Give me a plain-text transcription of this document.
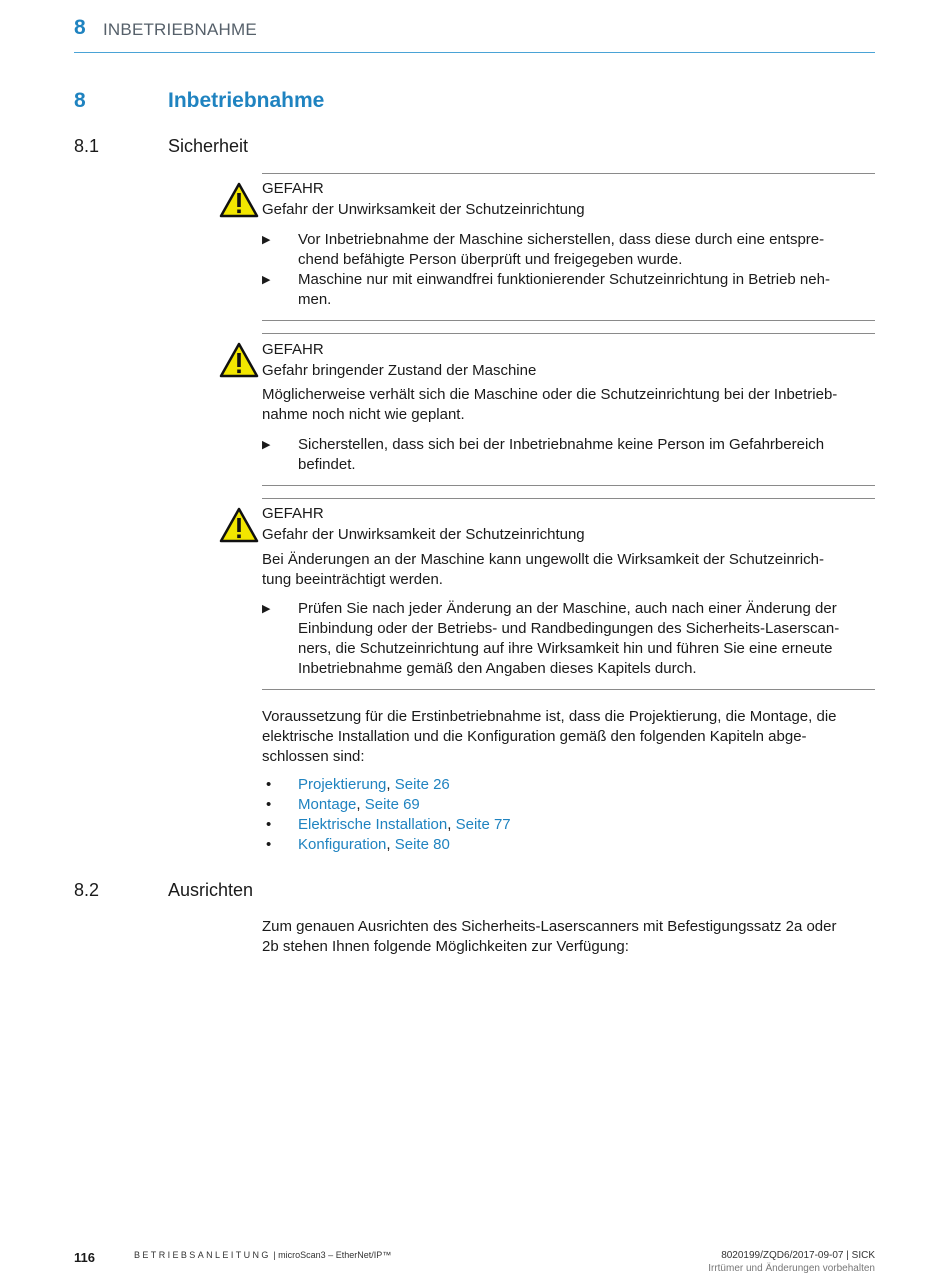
8 INBETRIEBNAHME
8	Inbetriebnahme
8.1	Sicherheit
GEFAHR
Gefahr der Unwirksamkeit der Schutzeinrichtung
▶ Vor Inbetriebnahme der Maschine sicherstellen, dass diese durch eine entspre-
chend befähigte Person überprüft und freigegeben wurde.
▶ Maschine nur mit einwandfrei funktionierender Schutzeinrichtung in Betrieb neh-
men.
GEFAHR
Gefahr bringender Zustand der Maschine
Möglicherweise verhält sich die Maschine oder die Schutzeinrichtung bei der Inbetrieb-
nahme noch nicht wie geplant.
▶ Sicherstellen, dass sich bei der Inbetriebnahme keine Person im Gefahrbereich
befindet.
GEFAHR
Gefahr der Unwirksamkeit der Schutzeinrichtung
Bei Änderungen an der Maschine kann ungewollt die Wirksamkeit der Schutzeinrich-
tung beeinträchtigt werden.
▶ Prüfen Sie nach jeder Änderung an der Maschine, auch nach einer Änderung der
Einbindung oder der Betriebs- und Randbedingungen des Sicherheits-Laserscan-
ners, die Schutzeinrichtung auf ihre Wirksamkeit hin und führen Sie eine erneute
Inbetriebnahme gemäß den Angaben dieses Kapitels durch.
Voraussetzung für die Erstinbetriebnahme ist, dass die Projektierung, die Montage, die
elektrische Installation und die Konfiguration gemäß den folgenden Kapiteln abge-
schlossen sind:
• Projektierung, Seite 26
• Montage, Seite 69
• Elektrische Installation, Seite 77
• Konfiguration, Seite 80
8.2	Ausrichten
Zum genauen Ausrichten des Sicherheits-Laserscanners mit Befestigungssatz 2a oder
2b stehen Ihnen folgende Möglichkeiten zur Verfügung:
116	BETRIEBSANLEITUNG | microScan3 – EtherNet/IP™	8020199/ZQD6/2017-09-07 | SICK
Irrtümer und Änderungen vorbehalten
